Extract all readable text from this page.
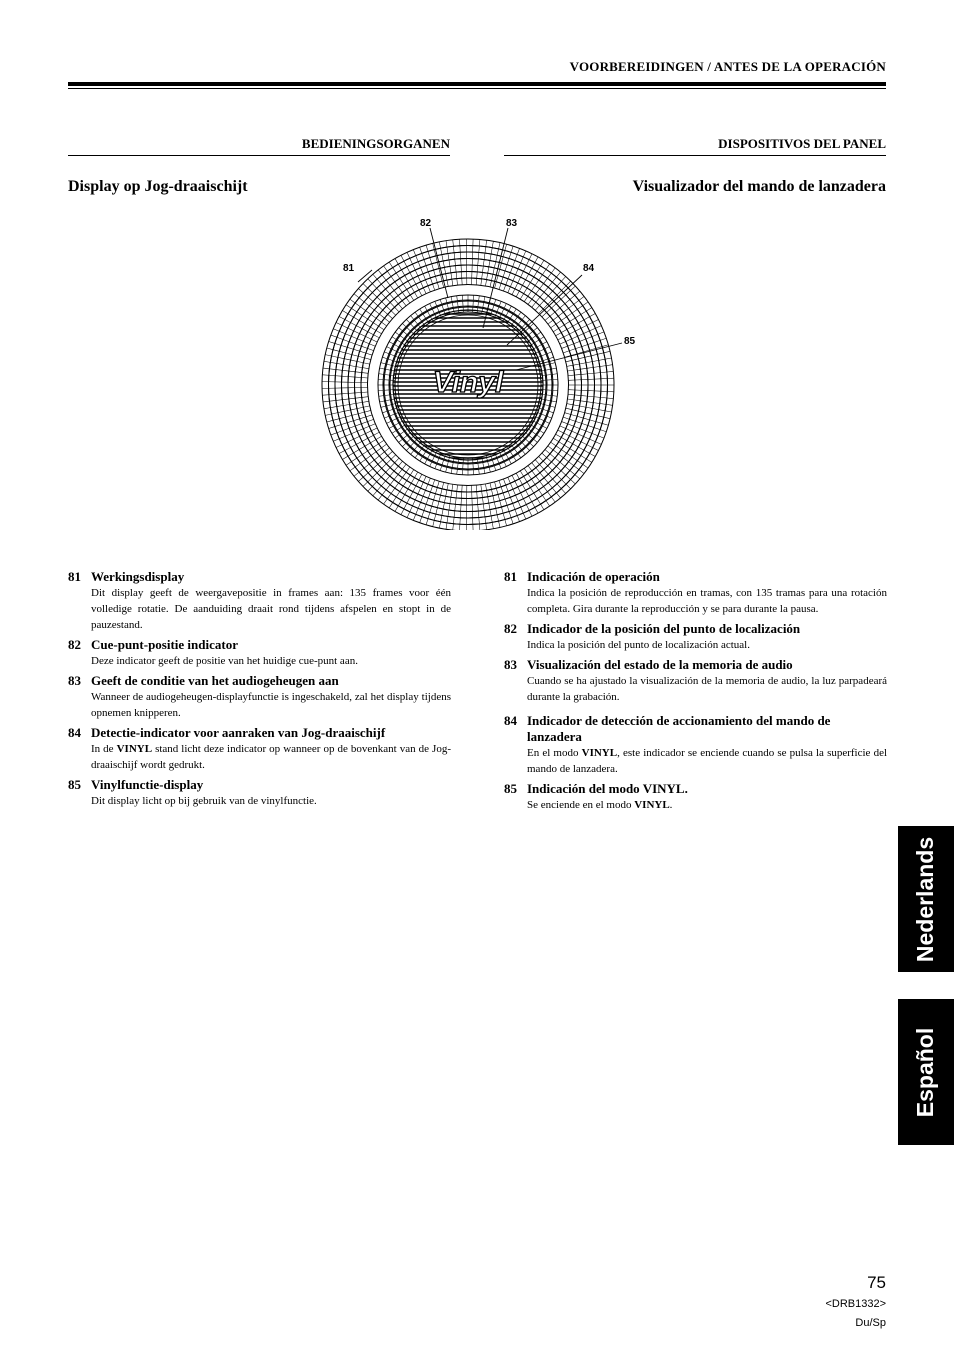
VOORBEREIDINGEN / ANTES DE LA OPERACIÓN
BEDIENINGSORGANEN	DISPOSITIVOS DEL PANEL
Display op Jog-draaischijt	Visualizador del mando de lanzadera
Vinyl
81
82	83
84
85
81 Werkingsdisplay
Dit display geeft de weergavepositie in frames aan: 135 frames voor één volledige rotatie. De aanduiding draait rond tijdens afspelen en stopt in de pauzestand.
82 Cue-punt-positie indicator
Deze indicator geeft de positie van het huidige cue-punt aan.
83 Geeft de conditie van het audiogeheugen aan
Wanneer de audiogeheugen-displayfunctie is ingeschakeld, zal het display tijdens opnemen knipperen.
84 Detectie-indicator voor aanraken van Jog-draaischijf
In de VINYL stand licht deze indicator op wanneer op de bovenkant van de Jog-draaischijf wordt gedrukt.
85 Vinylfunctie-display
Dit display licht op bij gebruik van de vinylfunctie.
81 Indicación de operación
Indica la posición de reproducción en tramas, con 135 tramas para una rotación completa. Gira durante la reproducción y se para durante la pausa.
82 Indicador de la posición del punto de localización
Indica la posición del punto de localización actual.
83 Visualización del estado de la memoria de audio
Cuando se ha ajustado la visualización de la memoria de audio, la luz parpadeará durante la grabación.
84 Indicador de detección de accionamiento del mando de lanzadera
En el modo VINYL, este indicador se enciende cuando se pulsa la superficie del mando de lanzadera.
85 Indicación del modo VINYL.
Se enciende en el modo VINYL.
Nederlands
Español
75
<DRB1332>
Du/Sp
